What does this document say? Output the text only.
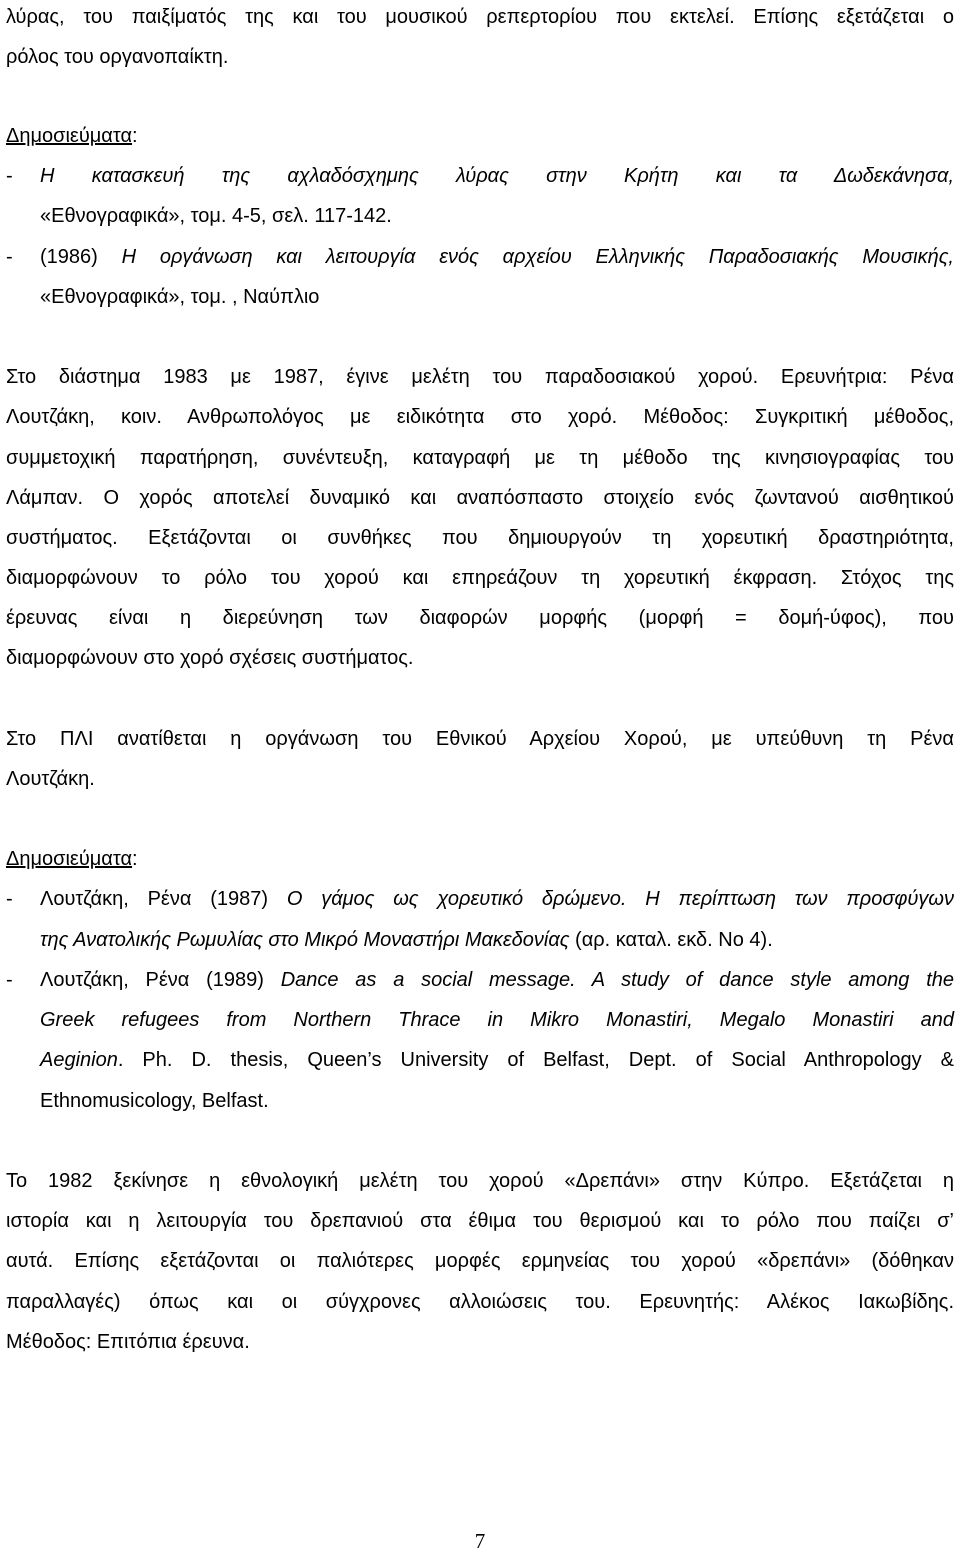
λύρας, του παιξίματός της και του μουσικού ρεπερτορίου που εκτελεί. Επίσης εξετάζεται ο
ρόλος του οργανοπαίκτη.
Δημοσιεύματα:
- Η κατασκευή της αχλαδόσχημης λύρας στην Κρήτη και τα Δωδεκάνησα,
«Εθνογραφικά», τομ. 4-5, σελ. 117-142.
- (1986) Η οργάνωση και λειτουργία ενός αρχείου Ελληνικής Παραδοσιακής Μουσικής,
«Εθνογραφικά», τομ. , Ναύπλιο
Στο διάστημα 1983 με 1987, έγινε μελέτη του παραδοσιακού χορού. Ερευνήτρια: Ρένα
Λουτζάκη, κοιν. Ανθρωπολόγος με ειδικότητα στο χορό. Μέθοδος: Συγκριτική μέθοδος,
συμμετοχική παρατήρηση, συνέντευξη, καταγραφή με τη μέθοδο της κινησιογραφίας του
Λάμπαν. Ο χορός αποτελεί δυναμικό και αναπόσπαστο στοιχείο ενός ζωντανού αισθητικού
συστήματος. Εξετάζονται οι συνθήκες που δημιουργούν τη χορευτική δραστηριότητα,
διαμορφώνουν το ρόλο του χορού και επηρεάζουν τη χορευτική έκφραση. Στόχος της
έρευνας είναι η διερεύνηση των διαφορών μορφής (μορφή = δομή-ύφος), που
διαμορφώνουν στο χορό σχέσεις συστήματος.
Στο ΠΛΙ ανατίθεται η οργάνωση του Εθνικού Αρχείου Χορού, με υπεύθυνη τη Ρένα
Λουτζάκη.
Δημοσιεύματα:
- Λουτζάκη, Ρένα (1987) Ο γάμος ως χορευτικό δρώμενο. Η περίπτωση των προσφύγων
της Ανατολικής Ρωμυλίας στο Μικρό Μοναστήρι Μακεδονίας (αρ. καταλ. εκδ. Νο 4).
- Λουτζάκη, Ρένα (1989) Dance as a social message. A study of dance style among the
Greek refugees from Northern Thrace in Mikro Monastiri, Megalo Monastiri and
Aeginion. Ph. D. thesis, Queen’s University of Belfast, Dept. of Social Anthropology &
Ethnomusicology, Belfast.
Το 1982 ξεκίνησε η εθνολογική μελέτη του χορού «Δρεπάνι» στην Κύπρο. Εξετάζεται η
ιστορία και η λειτουργία του δρεπανιού στα έθιμα του θερισμού και το ρόλο που παίζει σ’
αυτά. Επίσης εξετάζονται οι παλιότερες μορφές ερμηνείας του χορού «δρεπάνι» (δόθηκαν
παραλλαγές) όπως και οι σύγχρονες αλλοιώσεις του. Ερευνητής: Αλέκος Ιακωβίδης.
Μέθοδος: Επιτόπια έρευνα.
7
